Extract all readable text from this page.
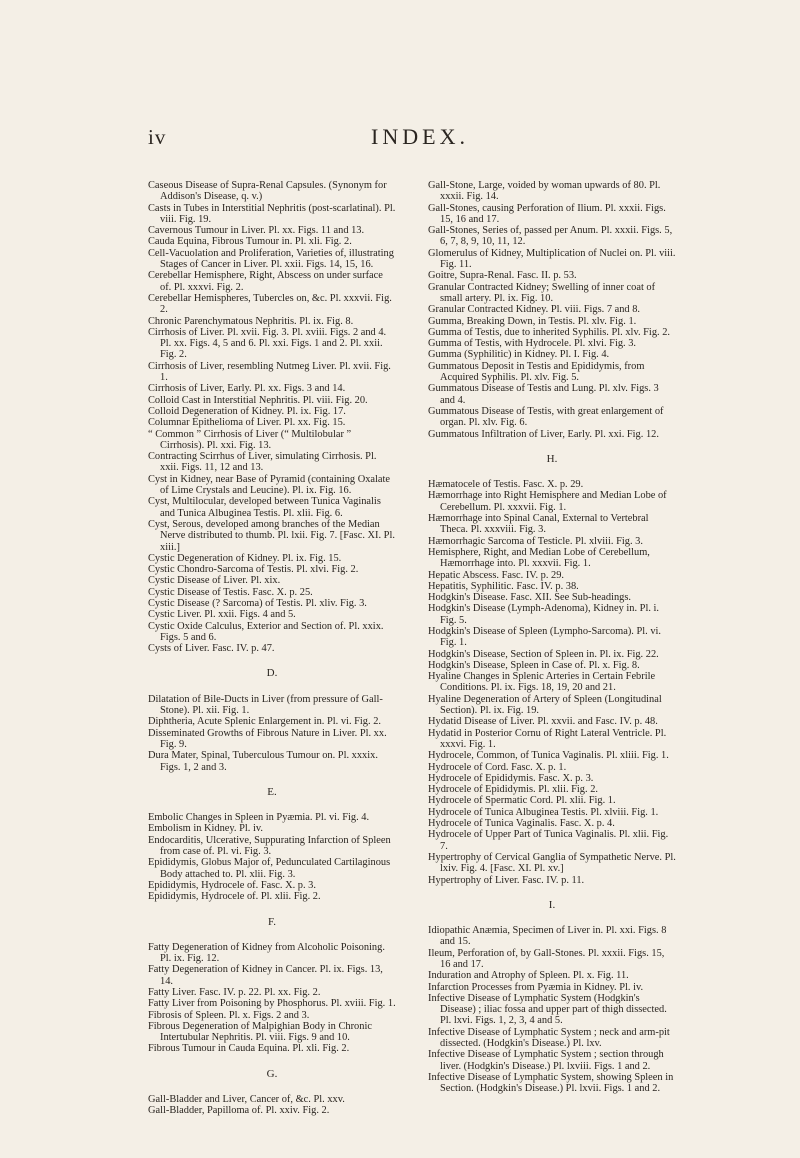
iv	INDEX.

Caseous Disease of Supra-Renal Capsules. (Synonym for Addison's Disease, q. v.)

Casts in Tubes in Interstitial Nephritis (post-scarlatinal). Pl. viii. Fig. 19.

Cavernous Tumour in Liver. Pl. xx. Figs. 11 and 13.

Cauda Equina, Fibrous Tumour in. Pl. xli. Fig. 2.

Cell-Vacuolation and Proliferation, Varieties of, illustrating Stages of Cancer in Liver. Pl. xxii. Figs. 14, 15, 16.

Cerebellar Hemisphere, Right, Abscess on under surface of. Pl. xxxvi. Fig. 2.

Cerebellar Hemispheres, Tubercles on, &c. Pl. xxxvii. Fig. 2.

Chronic Parenchymatous Nephritis. Pl. ix. Fig. 8.

Cirrhosis of Liver. Pl. xvii. Fig. 3. Pl. xviii. Figs. 2 and 4. Pl. xx. Figs. 4, 5 and 6. Pl. xxi. Figs. 1 and 2. Pl. xxii. Fig. 2.

Cirrhosis of Liver, resembling Nutmeg Liver. Pl. xvii. Fig. 1.

Cirrhosis of Liver, Early. Pl. xx. Figs. 3 and 14.

Colloid Cast in Interstitial Nephritis. Pl. viii. Fig. 20.

Colloid Degeneration of Kidney. Pl. ix. Fig. 17.

Columnar Epithelioma of Liver. Pl. xx. Fig. 15.

“ Common ” Cirrhosis of Liver (“ Multilobular ” Cirrhosis). Pl. xxi. Fig. 13.

Contracting Scirrhus of Liver, simulating Cirrhosis. Pl. xxii. Figs. 11, 12 and 13.

Cyst in Kidney, near Base of Pyramid (containing Oxalate of Lime Crystals and Leucine). Pl. ix. Fig. 16.

Cyst, Multilocular, developed between Tunica Vaginalis and Tunica Albuginea Testis. Pl. xlii. Fig. 6.

Cyst, Serous, developed among branches of the Median Nerve distributed to thumb. Pl. lxii. Fig. 7. [Fasc. XI. Pl. xiii.]

Cystic Degeneration of Kidney. Pl. ix. Fig. 15.

Cystic Chondro-Sarcoma of Testis. Pl. xlvi. Fig. 2.

Cystic Disease of Liver. Pl. xix.

Cystic Disease of Testis. Fasc. X. p. 25.

Cystic Disease (? Sarcoma) of Testis. Pl. xliv. Fig. 3.

Cystic Liver. Pl. xxii. Figs. 4 and 5.

Cystic Oxide Calculus, Exterior and Section of. Pl. xxix. Figs. 5 and 6.

Cysts of Liver. Fasc. IV. p. 47.

D.

Dilatation of Bile-Ducts in Liver (from pressure of Gall-Stone). Pl. xii. Fig. 1.

Diphtheria, Acute Splenic Enlargement in. Pl. vi. Fig. 2.

Disseminated Growths of Fibrous Nature in Liver. Pl. xx. Fig. 9.

Dura Mater, Spinal, Tuberculous Tumour on. Pl. xxxix. Figs. 1, 2 and 3.

E.

Embolic Changes in Spleen in Pyæmia. Pl. vi. Fig. 4.

Embolism in Kidney. Pl. iv.

Endocarditis, Ulcerative, Suppurating Infarction of Spleen from case of. Pl. vi. Fig. 3.

Epididymis, Globus Major of, Pedunculated Cartilaginous Body attached to. Pl. xlii. Fig. 3.

Epididymis, Hydrocele of. Fasc. X. p. 3.

Epididymis, Hydrocele of. Pl. xlii. Fig. 2.

F.

Fatty Degeneration of Kidney from Alcoholic Poisoning. Pl. ix. Fig. 12.

Fatty Degeneration of Kidney in Cancer. Pl. ix. Figs. 13, 14.

Fatty Liver. Fasc. IV. p. 22. Pl. xx. Fig. 2.

Fatty Liver from Poisoning by Phosphorus. Pl. xviii. Fig. 1.

Fibrosis of Spleen. Pl. x. Figs. 2 and 3.

Fibrous Degeneration of Malpighian Body in Chronic Intertubular Nephritis. Pl. viii. Figs. 9 and 10.

Fibrous Tumour in Cauda Equina. Pl. xli. Fig. 2.

G.

Gall-Bladder and Liver, Cancer of, &c. Pl. xxv.

Gall-Bladder, Papilloma of. Pl. xxiv. Fig. 2.

Gall-Stone, Large, voided by woman upwards of 80. Pl. xxxii. Fig. 14.

Gall-Stones, causing Perforation of Ilium. Pl. xxxii. Figs. 15, 16 and 17.

Gall-Stones, Series of, passed per Anum. Pl. xxxii. Figs. 5, 6, 7, 8, 9, 10, 11, 12.

Glomerulus of Kidney, Multiplication of Nuclei on. Pl. viii. Fig. 11.

Goitre, Supra-Renal. Fasc. II. p. 53.

Granular Contracted Kidney; Swelling of inner coat of small artery. Pl. ix. Fig. 10.

Granular Contracted Kidney. Pl. viii. Figs. 7 and 8.

Gumma, Breaking Down, in Testis. Pl. xlv. Fig. 1.

Gumma of Testis, due to inherited Syphilis. Pl. xlv. Fig. 2.

Gumma of Testis, with Hydrocele. Pl. xlvi. Fig. 3.

Gumma (Syphilitic) in Kidney. Pl. I. Fig. 4.

Gummatous Deposit in Testis and Epididymis, from Acquired Syphilis. Pl. xlv. Fig. 5.

Gummatous Disease of Testis and Lung. Pl. xlv. Figs. 3 and 4.

Gummatous Disease of Testis, with great enlargement of organ. Pl. xlv. Fig. 6.

Gummatous Infiltration of Liver, Early. Pl. xxi. Fig. 12.

H.

Hæmatocele of Testis. Fasc. X. p. 29.

Hæmorrhage into Right Hemisphere and Median Lobe of Cerebellum. Pl. xxxvii. Fig. 1.

Hæmorrhage into Spinal Canal, External to Vertebral Theca. Pl. xxxviii. Fig. 3.

Hæmorrhagic Sarcoma of Testicle. Pl. xlviii. Fig. 3.

Hemisphere, Right, and Median Lobe of Cerebellum, Hæmorrhage into. Pl. xxxvii. Fig. 1.

Hepatic Abscess. Fasc. IV. p. 29.

Hepatitis, Syphilitic. Fasc. IV. p. 38.

Hodgkin's Disease. Fasc. XII. See Sub-headings.

Hodgkin's Disease (Lymph-Adenoma), Kidney in. Pl. i. Fig. 5.

Hodgkin's Disease of Spleen (Lympho-Sarcoma). Pl. vi. Fig. 1.

Hodgkin's Disease, Section of Spleen in. Pl. ix. Fig. 22.

Hodgkin's Disease, Spleen in Case of. Pl. x. Fig. 8.

Hyaline Changes in Splenic Arteries in Certain Febrile Conditions. Pl. ix. Figs. 18, 19, 20 and 21.

Hyaline Degeneration of Artery of Spleen (Longitudinal Section). Pl. ix. Fig. 19.

Hydatid Disease of Liver. Pl. xxvii. and Fasc. IV. p. 48.

Hydatid in Posterior Cornu of Right Lateral Ventricle. Pl. xxxvi. Fig. 1.

Hydrocele, Common, of Tunica Vaginalis. Pl. xliii. Fig. 1.

Hydrocele of Cord. Fasc. X. p. 1.

Hydrocele of Epididymis. Fasc. X. p. 3.

Hydrocele of Epididymis. Pl. xlii. Fig. 2.

Hydrocele of Spermatic Cord. Pl. xlii. Fig. 1.

Hydrocele of Tunica Albuginea Testis. Pl. xlviii. Fig. 1.

Hydrocele of Tunica Vaginalis. Fasc. X. p. 4.

Hydrocele of Upper Part of Tunica Vaginalis. Pl. xlii. Fig. 7.

Hypertrophy of Cervical Ganglia of Sympathetic Nerve. Pl. lxiv. Fig. 4. [Fasc. XI. Pl. xv.]

Hypertrophy of Liver. Fasc. IV. p. 11.

I.

Idiopathic Anæmia, Specimen of Liver in. Pl. xxi. Figs. 8 and 15.

Ileum, Perforation of, by Gall-Stones. Pl. xxxii. Figs. 15, 16 and 17.

Induration and Atrophy of Spleen. Pl. x. Fig. 11.

Infarction Processes from Pyæmia in Kidney. Pl. iv.

Infective Disease of Lymphatic System (Hodgkin's Disease) ; iliac fossa and upper part of thigh dissected. Pl. lxvi. Figs. 1, 2, 3, 4 and 5.

Infective Disease of Lymphatic System ; neck and arm-pit dissected. (Hodgkin's Disease.) Pl. lxv.

Infective Disease of Lymphatic System ; section through liver. (Hodgkin's Disease.) Pl. lxviii. Figs. 1 and 2.

Infective Disease of Lymphatic System, showing Spleen in Section. (Hodgkin's Disease.) Pl. lxvii. Figs. 1 and 2.
